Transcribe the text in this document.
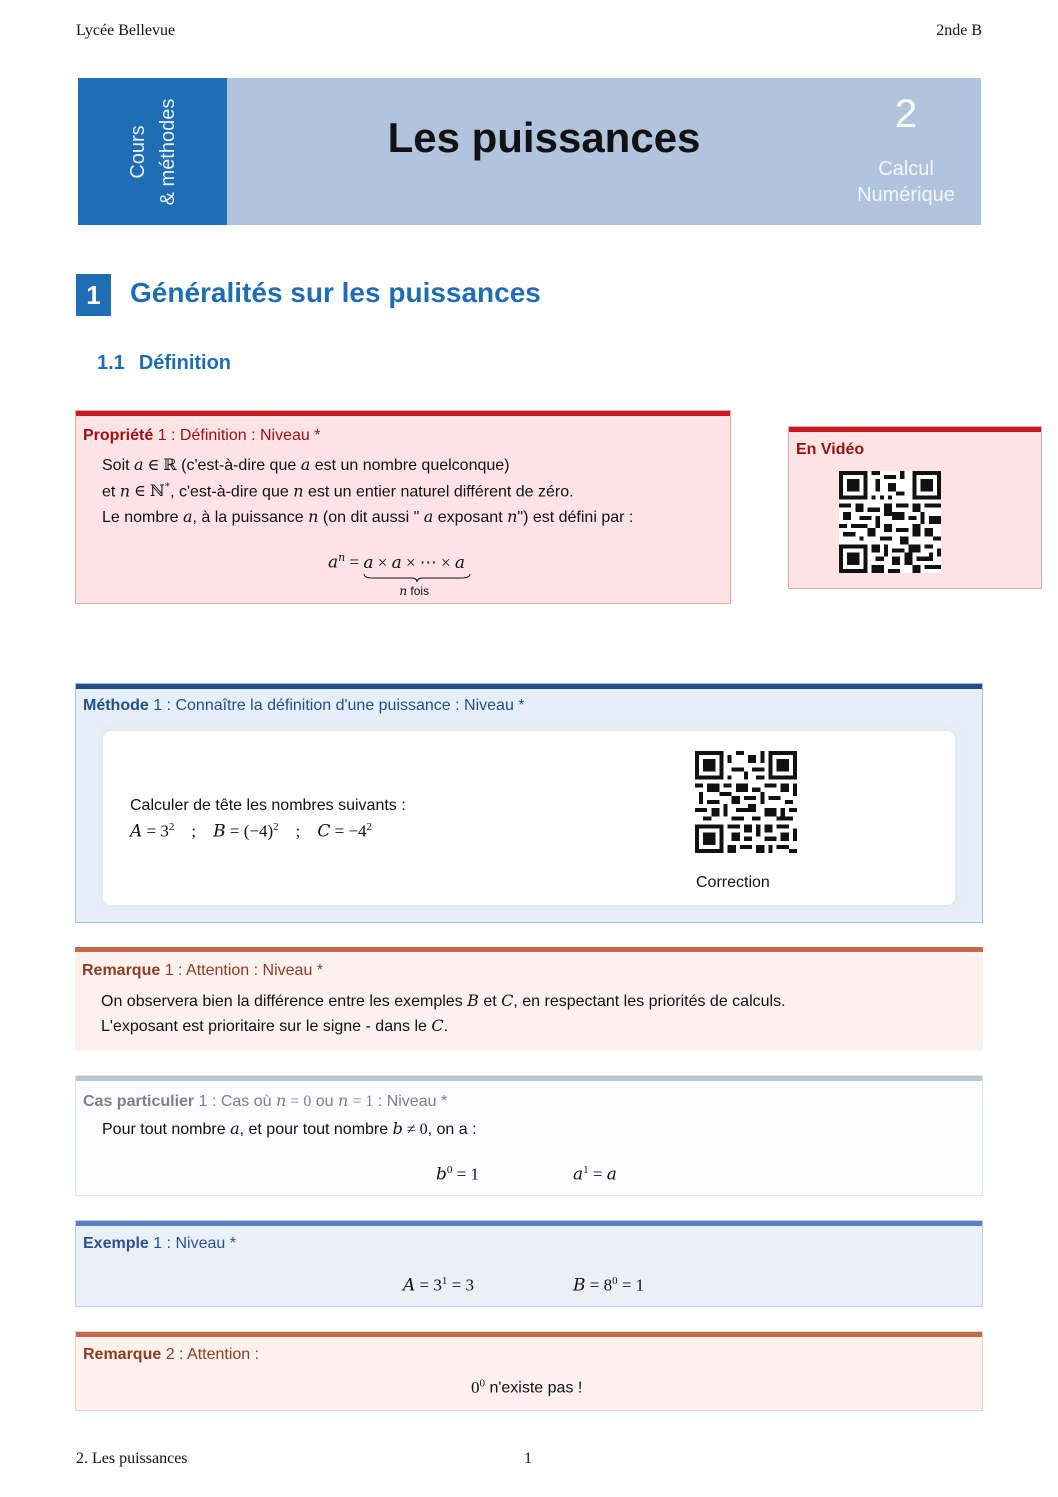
Lycée Bellevue	2nde B
Cours & méthodes	Les puissances	2
Calcul
Numérique
1	Généralités sur les puissances
1.1 Définition
Propriété 1 : Définition : Niveau *
Soit a ∈ ℝ (c'est-à-dire que a est un nombre quelconque)
et n ∈ ℕ*, c'est-à-dire que n est un entier naturel différent de zéro.
Le nombre a, à la puissance n (on dit aussi " a exposant n") est défini par :
$a^n = a \times a$ × ⋯ × a
n fois
En Vidéo
Méthode 1 : Connaître la définition d'une puissance : Niveau *
Calculer de tête les nombres suivants :
$A = 3^2$    ;    $B = (-4)^2$    ;    $C = -4^2$
Correction
Remarque 1 : Attention : Niveau *
On observera bien la différence entre les exemples B et C, en respectant les priorités de calculs.
L'exposant est prioritaire sur le signe - dans le C.
Cas particulier 1 : Cas où n = 0 ou n = 1 : Niveau *
Pour tout nombre a, et pour tout nombre b ≠ 0, on a :
$b^0 = 1$	$a^1 = a$
Exemple 1 : Niveau *
$A = 3^1 = 3$	$B = 8^0 = 1$
Remarque 2 : Attention :
$0^0$ n'existe pas !
2. Les puissances	1
